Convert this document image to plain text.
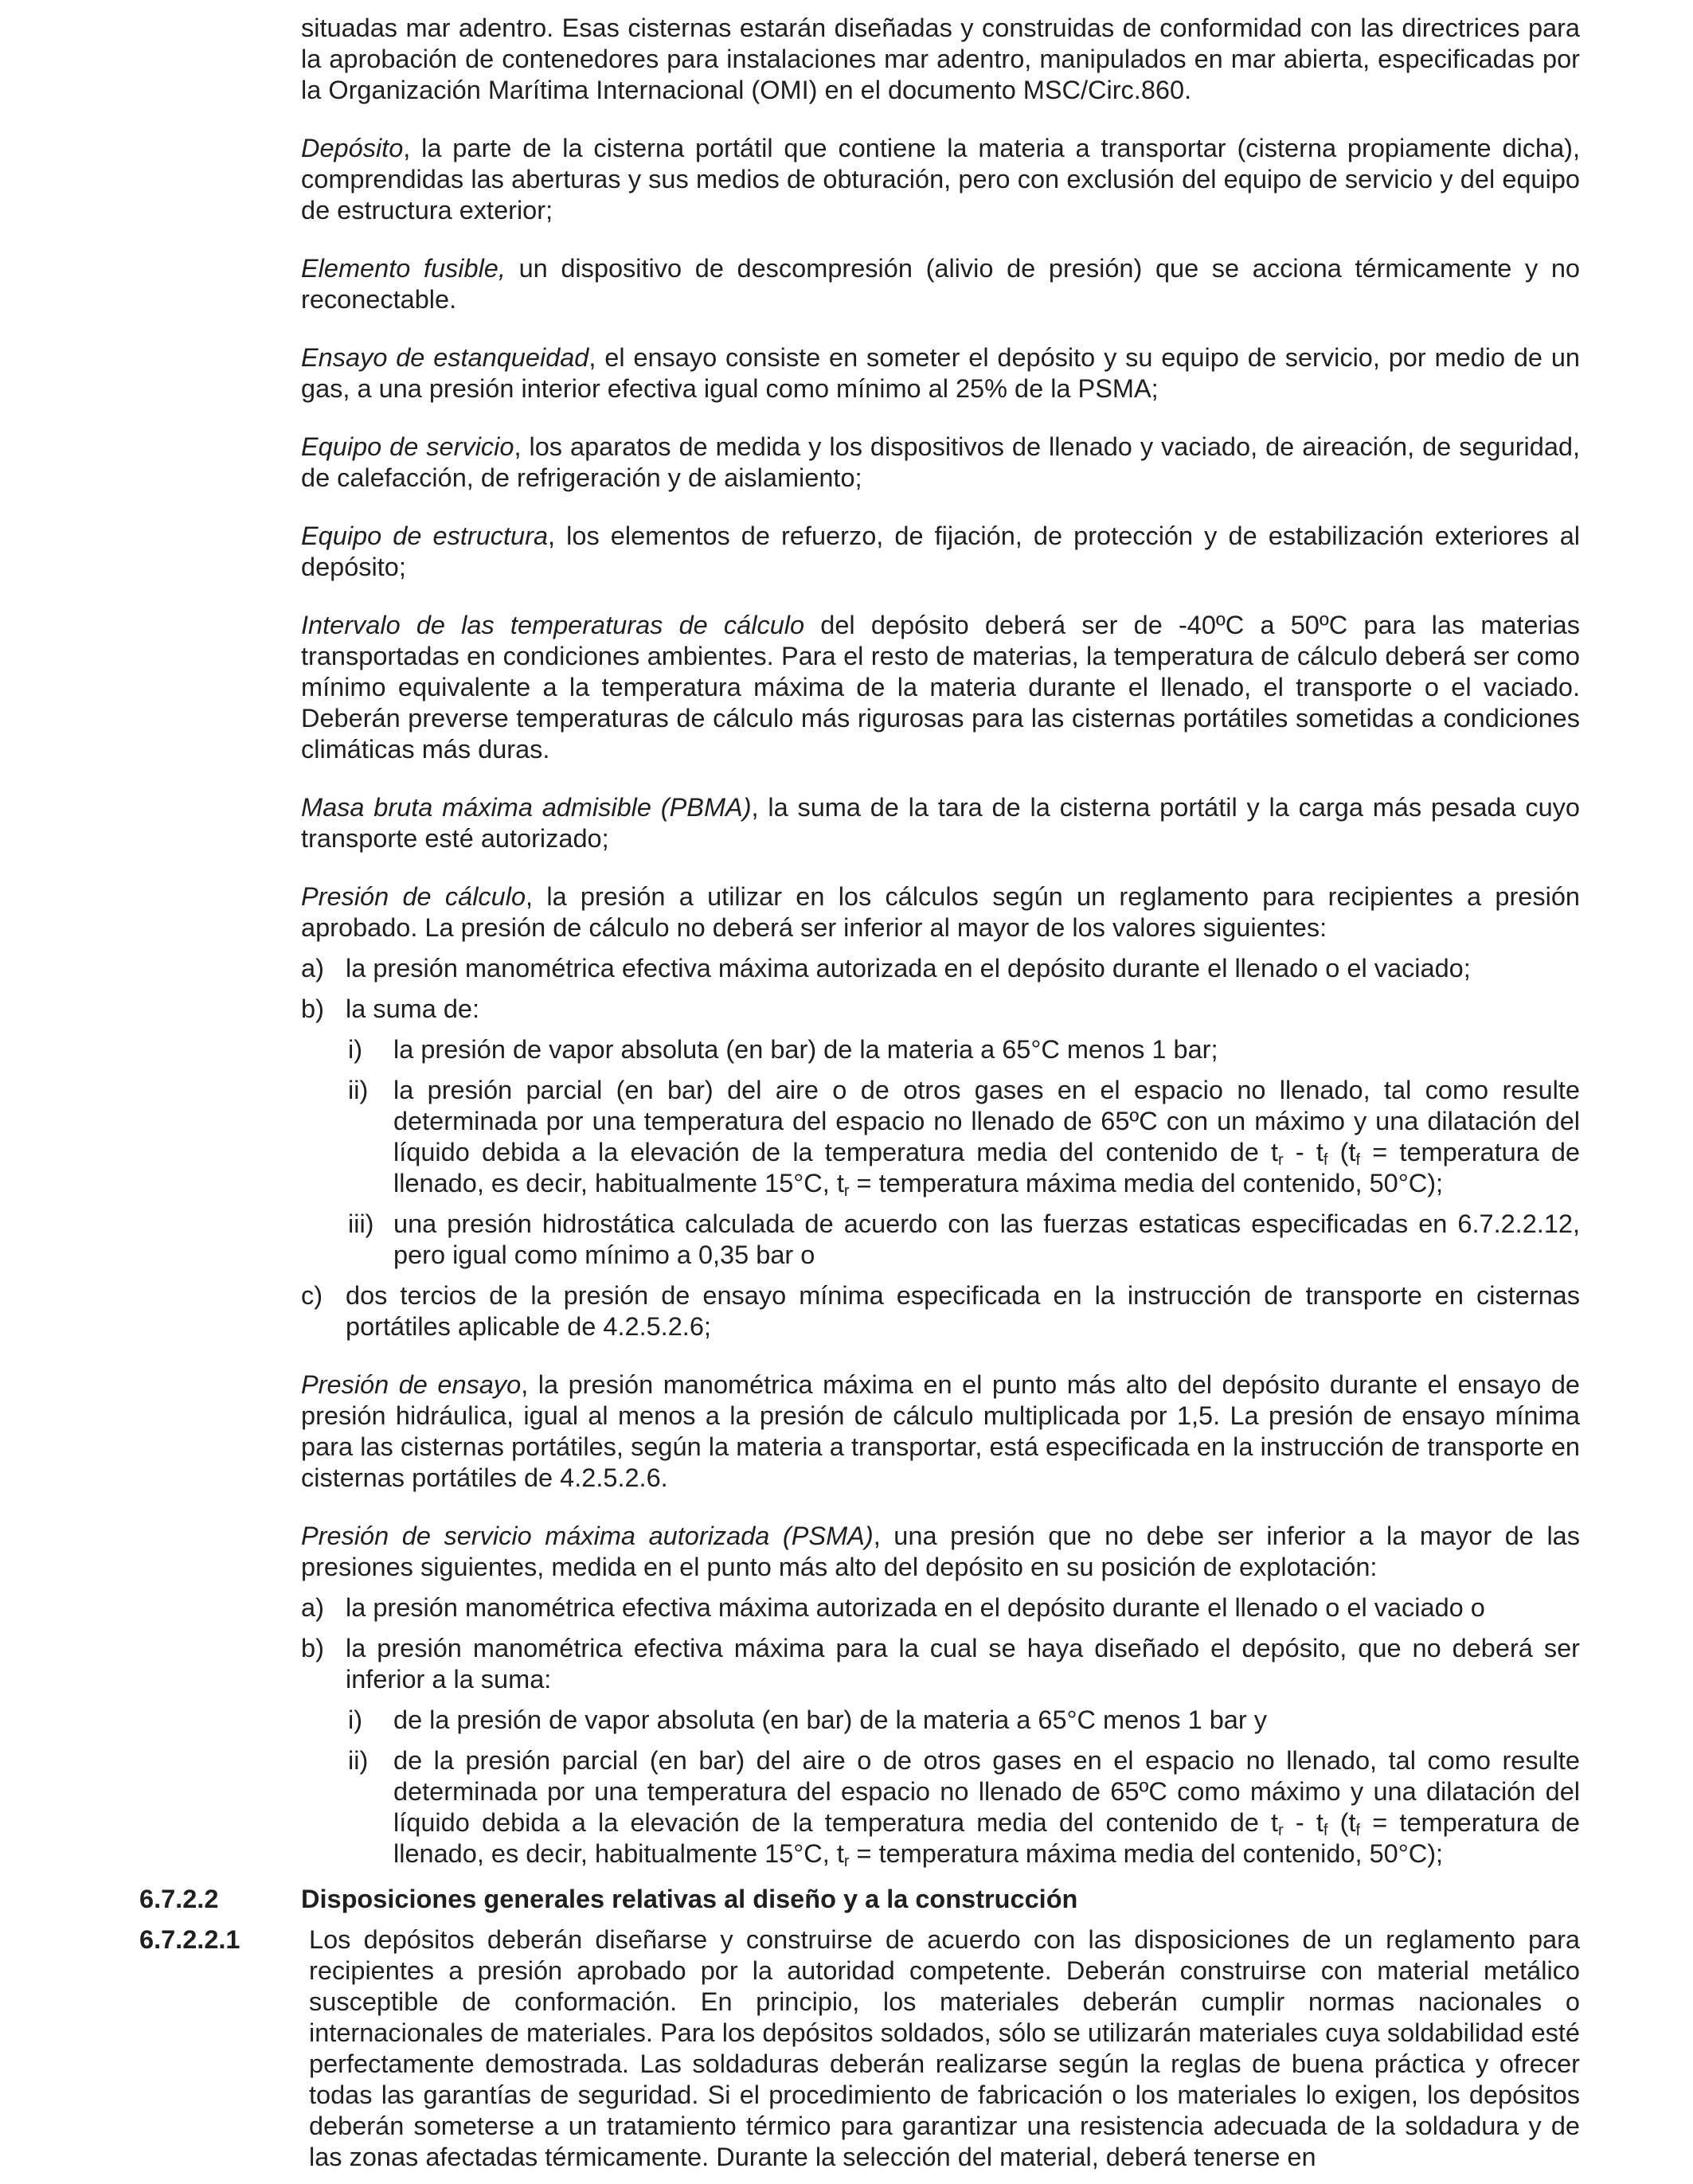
situadas mar adentro. Esas cisternas estarán diseñadas y construidas de conformidad con las directrices para la aprobación de contenedores para instalaciones mar adentro, manipulados en mar abierta, especificadas por la Organización Marítima Internacional (OMI) en el documento MSC/Circ.860.

Depósito, la parte de la cisterna portátil que contiene la materia a transportar (cisterna propiamente dicha), comprendidas las aberturas y sus medios de obturación, pero con exclusión del equipo de servicio y del equipo de estructura exterior;

Elemento fusible, un dispositivo de descompresión (alivio de presión) que se acciona térmicamente y no reconectable.

Ensayo de estanqueidad, el ensayo consiste en someter el depósito y su equipo de servicio, por medio de un gas, a una presión interior efectiva igual como mínimo al 25% de la PSMA;

Equipo de servicio, los aparatos de medida y los dispositivos de llenado y vaciado, de aireación, de seguridad, de calefacción, de refrigeración y de aislamiento;

Equipo de estructura, los elementos de refuerzo, de fijación, de protección y de estabilización exteriores al depósito;

Intervalo de las temperaturas de cálculo del depósito deberá ser de -40ºC a 50ºC para las materias transportadas en condiciones ambientes. Para el resto de materias, la temperatura de cálculo deberá ser como mínimo equivalente a la temperatura máxima de la materia durante el llenado, el transporte o el vaciado. Deberán preverse temperaturas de cálculo más rigurosas para las cisternas portátiles sometidas a condiciones climáticas más duras.

Masa bruta máxima admisible (PBMA), la suma de la tara de la cisterna portátil y la carga más pesada cuyo transporte esté autorizado;

Presión de cálculo, la presión a utilizar en los cálculos según un reglamento para recipientes a presión aprobado. La presión de cálculo no deberá ser inferior al mayor de los valores siguientes:

a) la presión manométrica efectiva máxima autorizada en el depósito durante el llenado o el vaciado;
b) la suma de:
i) la presión de vapor absoluta (en bar) de la materia a 65°C menos 1 bar;
ii) la presión parcial (en bar) del aire o de otros gases en el espacio no llenado, tal como resulte determinada por una temperatura del espacio no llenado de 65ºC con un máximo y una dilatación del líquido debida a la elevación de la temperatura media del contenido de $t_r - t_f$ ($t_f$ = temperatura de llenado, es decir, habitualmente 15°C, $t_r$ = temperatura máxima media del contenido, 50°C);
iii) una presión hidrostática calculada de acuerdo con las fuerzas estaticas especificadas en 6.7.2.2.12, pero igual como mínimo a 0,35 bar o
c) dos tercios de la presión de ensayo mínima especificada en la instrucción de transporte en cisternas portátiles aplicable de 4.2.5.2.6;

Presión de ensayo, la presión manométrica máxima en el punto más alto del depósito durante el ensayo de presión hidráulica, igual al menos a la presión de cálculo multiplicada por 1,5. La presión de ensayo mínima para las cisternas portátiles, según la materia a transportar, está especificada en la instrucción de transporte en cisternas portátiles de 4.2.5.2.6.

Presión de servicio máxima autorizada (PSMA), una presión que no debe ser inferior a la mayor de las presiones siguientes, medida en el punto más alto del depósito en su posición de explotación:

a) la presión manométrica efectiva máxima autorizada en el depósito durante el llenado o el vaciado o
b) la presión manométrica efectiva máxima para la cual se haya diseñado el depósito, que no deberá ser inferior a la suma:
i) de la presión de vapor absoluta (en bar) de la materia a 65°C menos 1 bar y
ii) de la presión parcial (en bar) del aire o de otros gases en el espacio no llenado, tal como resulte determinada por una temperatura del espacio no llenado de 65ºC como máximo y una dilatación del líquido debida a la elevación de la temperatura media del contenido de $t_r - t_f$ ($t_f$ = temperatura de llenado, es decir, habitualmente 15°C, $t_r$ = temperatura máxima media del contenido, 50°C);
6.7.2.2	Disposiciones generales relativas al diseño y a la construcción
6.7.2.2.1	Los depósitos deberán diseñarse y construirse de acuerdo con las disposiciones de un reglamento para recipientes a presión aprobado por la autoridad competente. Deberán construirse con material metálico susceptible de conformación. En principio, los materiales deberán cumplir normas nacionales o internacionales de materiales. Para los depósitos soldados, sólo se utilizarán materiales cuya soldabilidad esté perfectamente demostrada. Las soldaduras deberán realizarse según la reglas de buena práctica y ofrecer todas las garantías de seguridad. Si el procedimiento de fabricación o los materiales lo exigen, los depósitos deberán someterse a un tratamiento térmico para garantizar una resistencia adecuada de la soldadura y de las zonas afectadas térmicamente. Durante la selección del material, deberá tenerse en
